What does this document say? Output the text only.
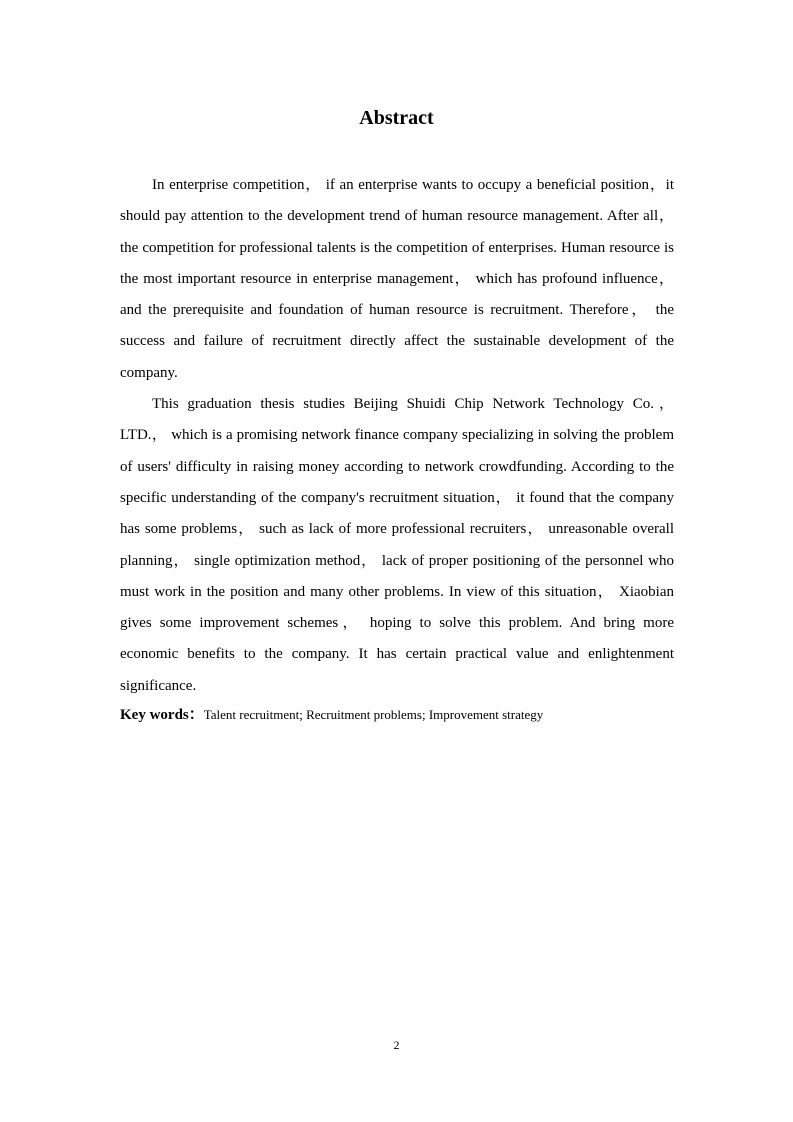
Abstract

In enterprise competition， if an enterprise wants to occupy a beneficial position，it should pay attention to the development trend of human resource management. After all， the competition for professional talents is the competition of enterprises. Human resource is the most important resource in enterprise management， which has profound influence， and the prerequisite and foundation of human resource is recruitment. Therefore， the success and failure of recruitment directly affect the sustainable development of the company.

This graduation thesis studies Beijing Shuidi Chip Network Technology Co.， LTD.， which is a promising network finance company specializing in solving the problem of users' difficulty in raising money according to network crowdfunding. According to the specific understanding of the company's recruitment situation， it found that the company has some problems， such as lack of more professional recruiters， unreasonable overall planning， single optimization method， lack of proper positioning of the personnel who must work in the position and many other problems. In view of this situation， Xiaobian gives some improvement schemes， hoping to solve this problem. And bring more economic benefits to the company. It has certain practical value and enlightenment significance.

Key words：Talent recruitment; Recruitment problems; Improvement strategy

2
